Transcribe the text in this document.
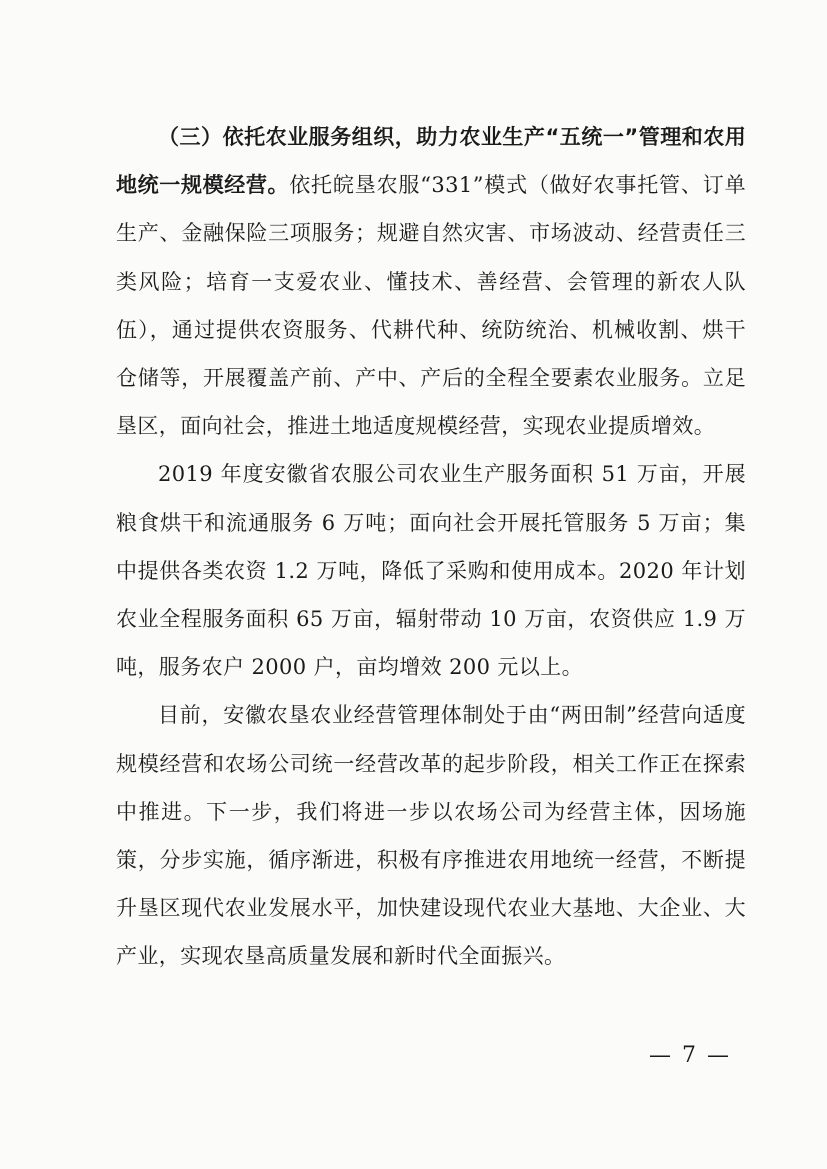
（三）依托农业服务组织，助力农业生产“五统一”管理和农用地统一规模经营。依托皖垦农服“331”模式（做好农事托管、订单生产、金融保险三项服务；规避自然灾害、市场波动、经营责任三类风险；培育一支爱农业、懂技术、善经营、会管理的新农人队伍），通过提供农资服务、代耕代种、统防统治、机械收割、烘干仓储等，开展覆盖产前、产中、产后的全程全要素农业服务。立足垦区，面向社会，推进土地适度规模经营，实现农业提质增效。

2019 年度安徽省农服公司农业生产服务面积 51 万亩，开展粮食烘干和流通服务 6 万吨；面向社会开展托管服务 5 万亩；集中提供各类农资 1.2 万吨，降低了采购和使用成本。2020 年计划农业全程服务面积 65 万亩，辐射带动 10 万亩，农资供应 1.9 万吨，服务农户 2000 户，亩均增效 200 元以上。

目前，安徽农垦农业经营管理体制处于由“两田制”经营向适度规模经营和农场公司统一经营改革的起步阶段，相关工作正在探索中推进。下一步，我们将进一步以农场公司为经营主体，因场施策，分步实施，循序渐进，积极有序推进农用地统一经营，不断提升垦区现代农业发展水平，加快建设现代农业大基地、大企业、大产业，实现农垦高质量发展和新时代全面振兴。

— 7 —
